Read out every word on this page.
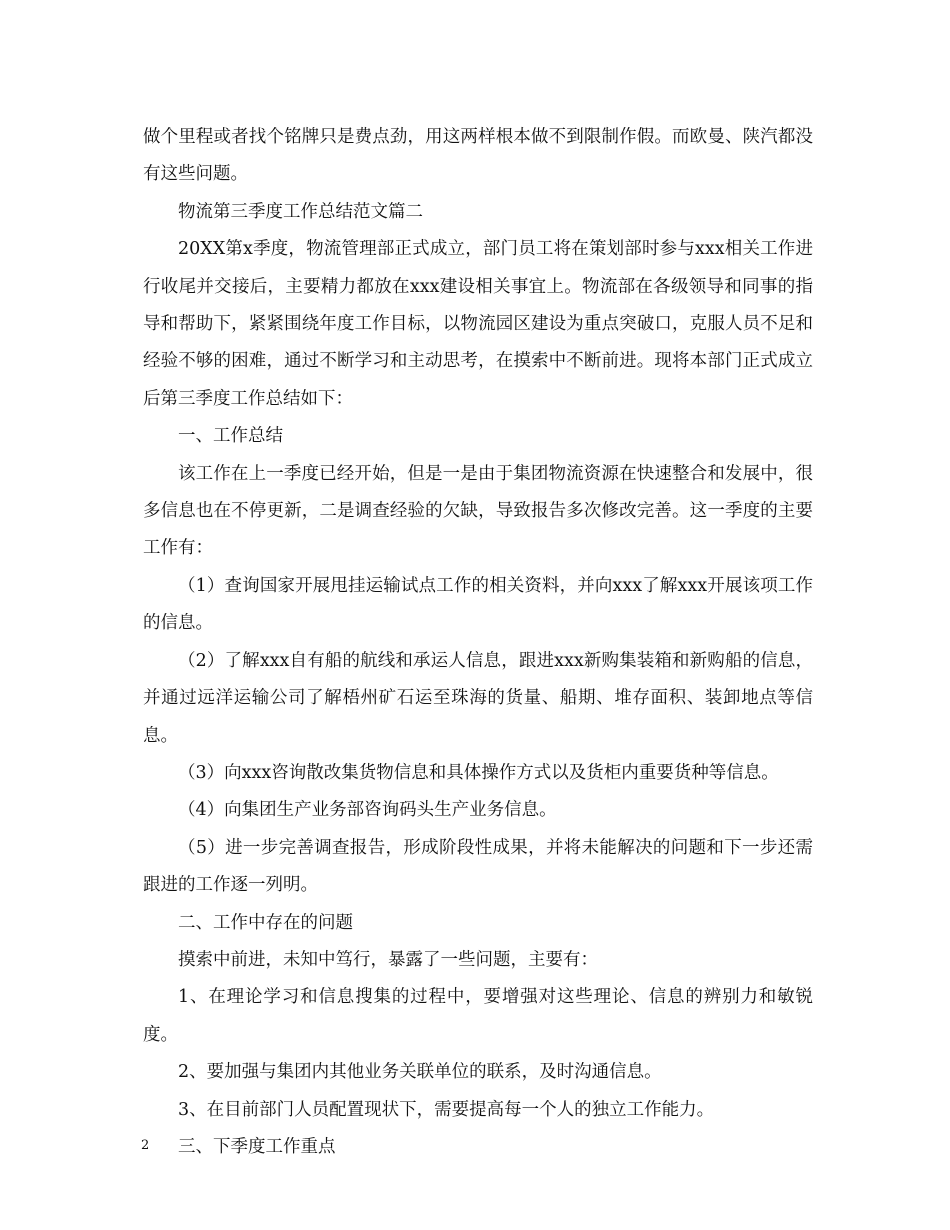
做个里程或者找个铭牌只是费点劲，用这两样根本做不到限制作假。而欧曼、陕汽都没有这些问题。

物流第三季度工作总结范文篇二

20XX第x季度，物流管理部正式成立，部门员工将在策划部时参与xxx相关工作进行收尾并交接后，主要精力都放在xxx建设相关事宜上。物流部在各级领导和同事的指导和帮助下，紧紧围绕年度工作目标，以物流园区建设为重点突破口，克服人员不足和经验不够的困难，通过不断学习和主动思考，在摸索中不断前进。现将本部门正式成立后第三季度工作总结如下：

一、工作总结

该工作在上一季度已经开始，但是一是由于集团物流资源在快速整合和发展中，很多信息也在不停更新，二是调查经验的欠缺，导致报告多次修改完善。这一季度的主要工作有：

（1）查询国家开展甩挂运输试点工作的相关资料，并向xxx了解xxx开展该项工作的信息。

（2）了解xxx自有船的航线和承运人信息，跟进xxx新购集装箱和新购船的信息，并通过远洋运输公司了解梧州矿石运至珠海的货量、船期、堆存面积、装卸地点等信息。

（3）向xxx咨询散改集货物信息和具体操作方式以及货柜内重要货种等信息。

（4）向集团生产业务部咨询码头生产业务信息。

（5）进一步完善调查报告，形成阶段性成果，并将未能解决的问题和下一步还需跟进的工作逐一列明。

二、工作中存在的问题

摸索中前进，未知中笃行，暴露了一些问题，主要有：

1、在理论学习和信息搜集的过程中，要增强对这些理论、信息的辨别力和敏锐度。

2、要加强与集团内其他业务关联单位的联系，及时沟通信息。

3、在目前部门人员配置现状下，需要提高每一个人的独立工作能力。

三、下季度工作重点

2
